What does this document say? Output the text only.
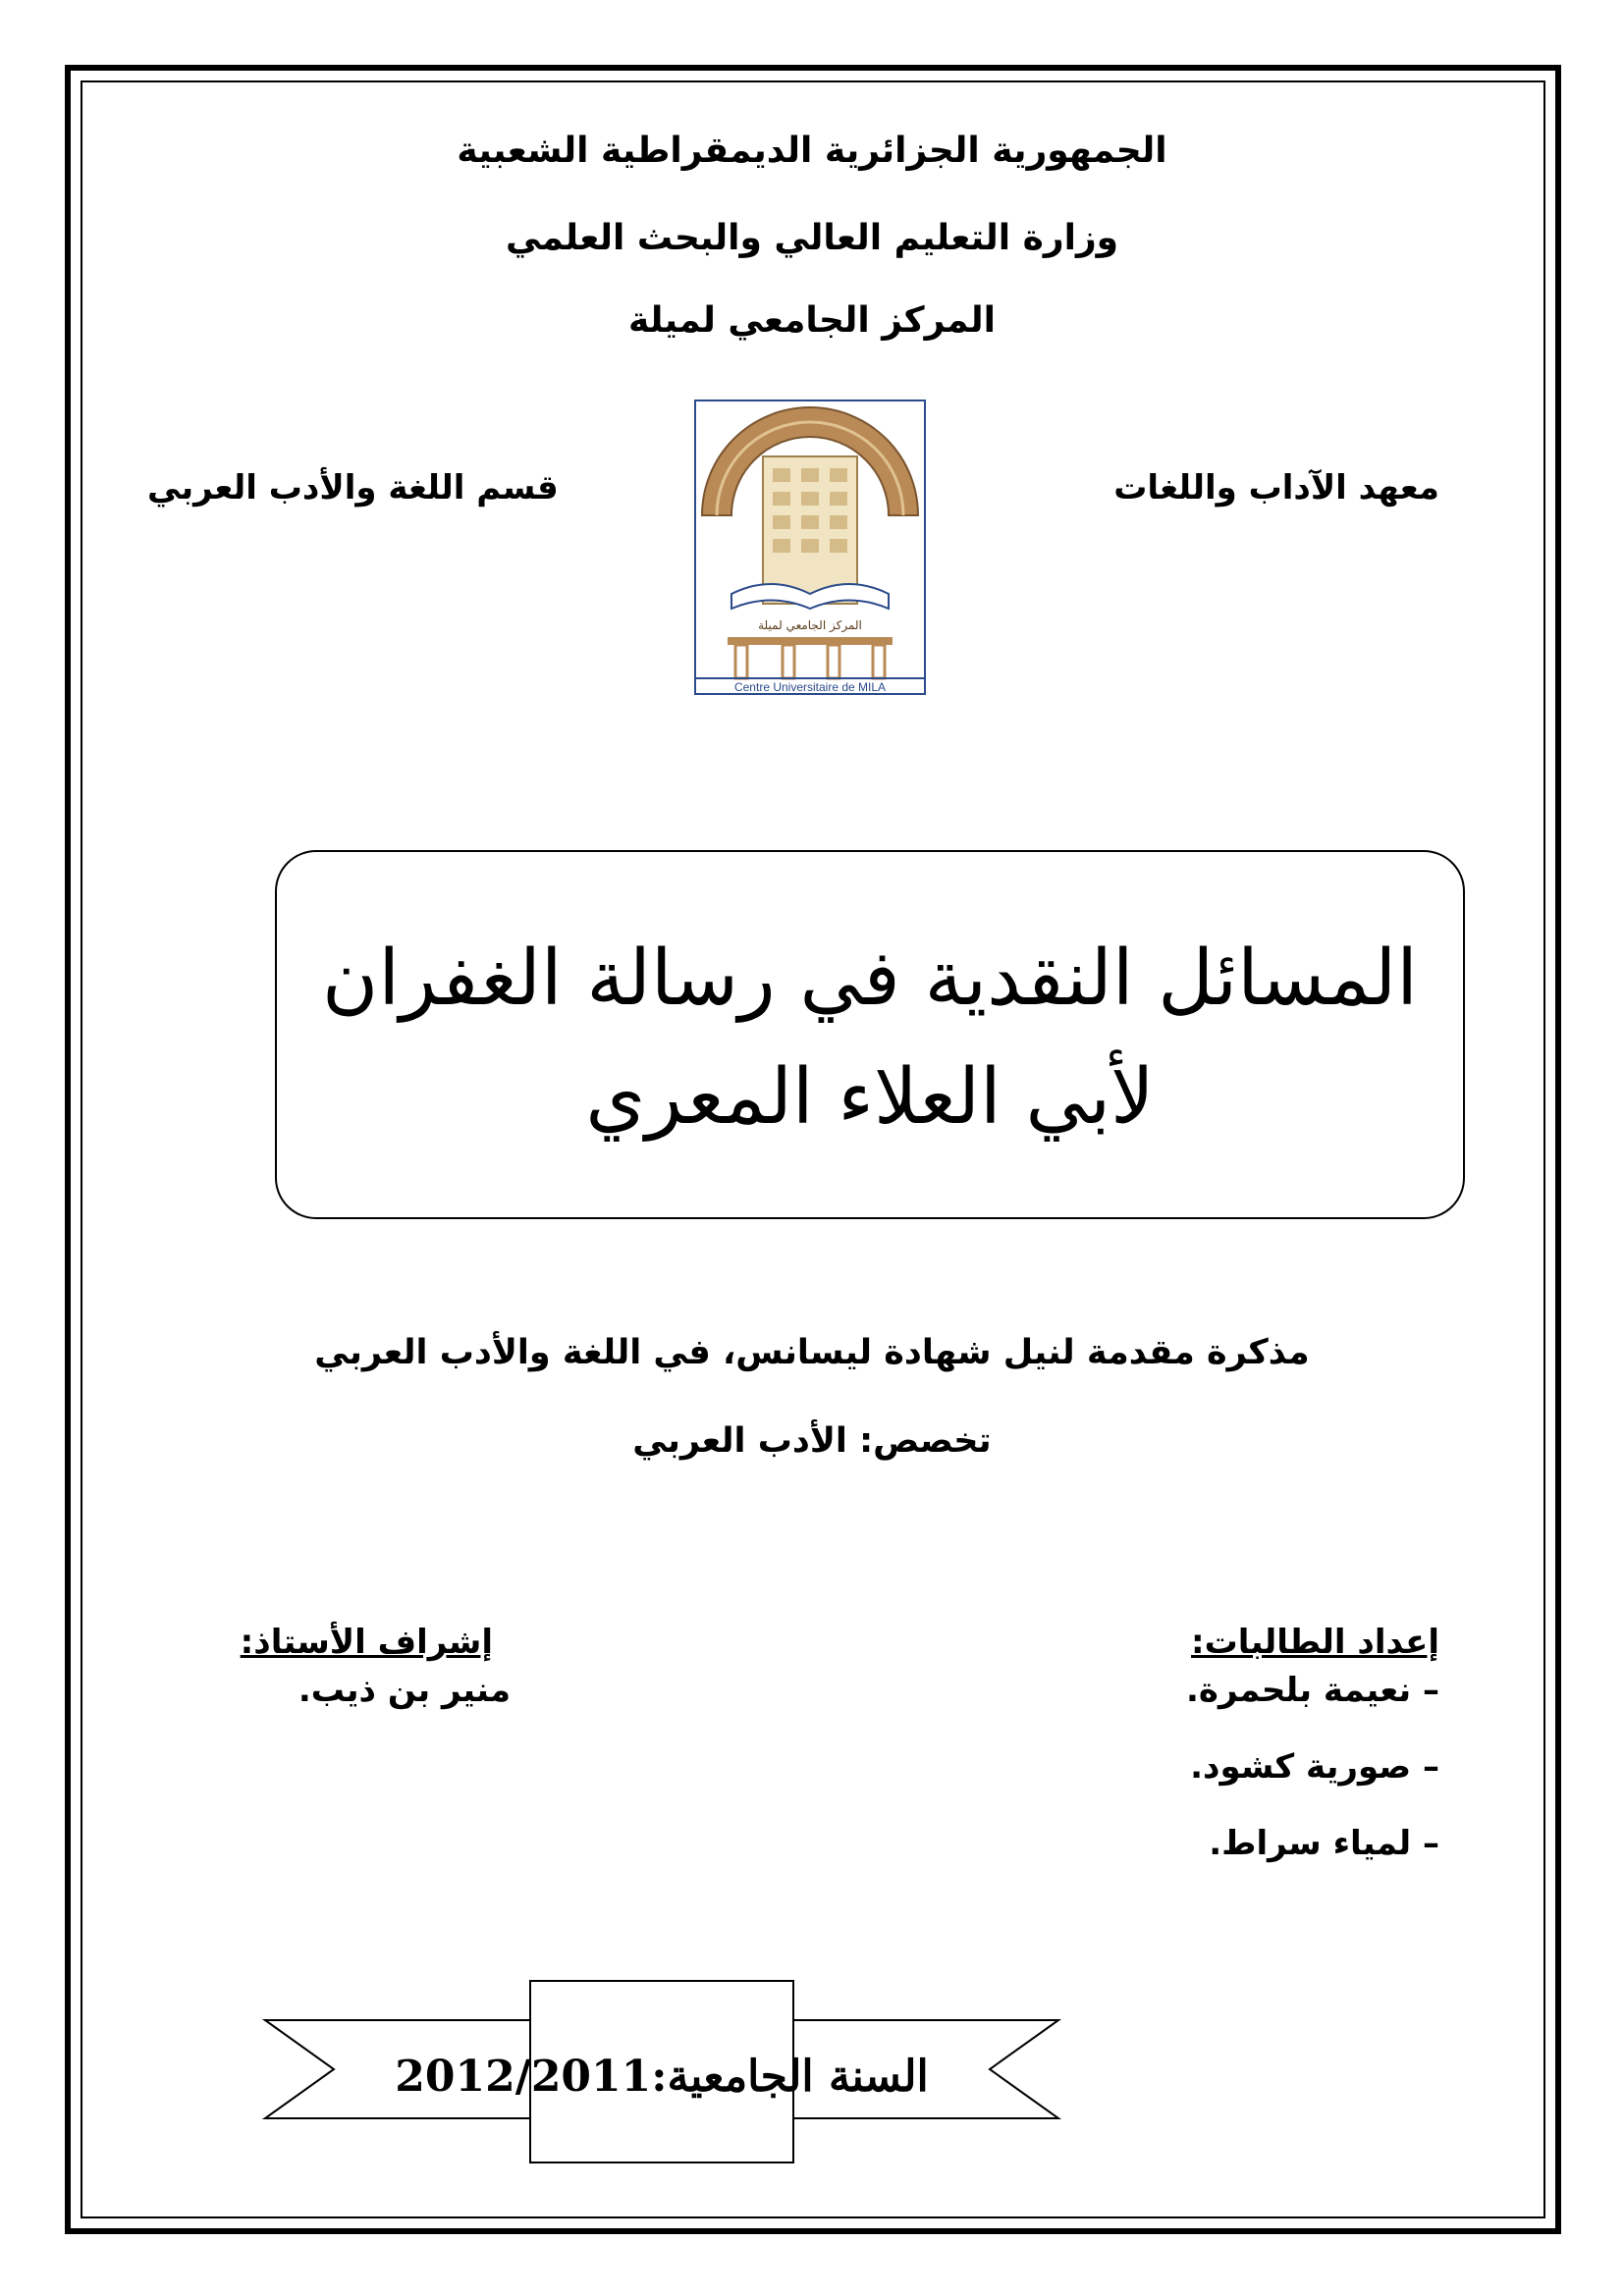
الجمهورية الجزائرية الديمقراطية الشعبية
وزارة التعليم العالي والبحث العلمي
المركز الجامعي لميلة
معهد الآداب واللغات
قسم اللغة والأدب العربي
المركز الجامعي لميلة
Centre Universitaire de MILA
المسائل النقدية في رسالة الغفران
لأبي العلاء المعري
مذكرة مقدمة لنيل شهادة ليسانس، في اللغة والأدب العربي
تخصص: الأدب العربي
إعداد الطالبات:
إشراف الأستاذ:
– نعيمة بلحمرة.
– صورية كشود.
– لمياء سراط.
منير بن ذيب.
السنة الجامعية:2012/2011
